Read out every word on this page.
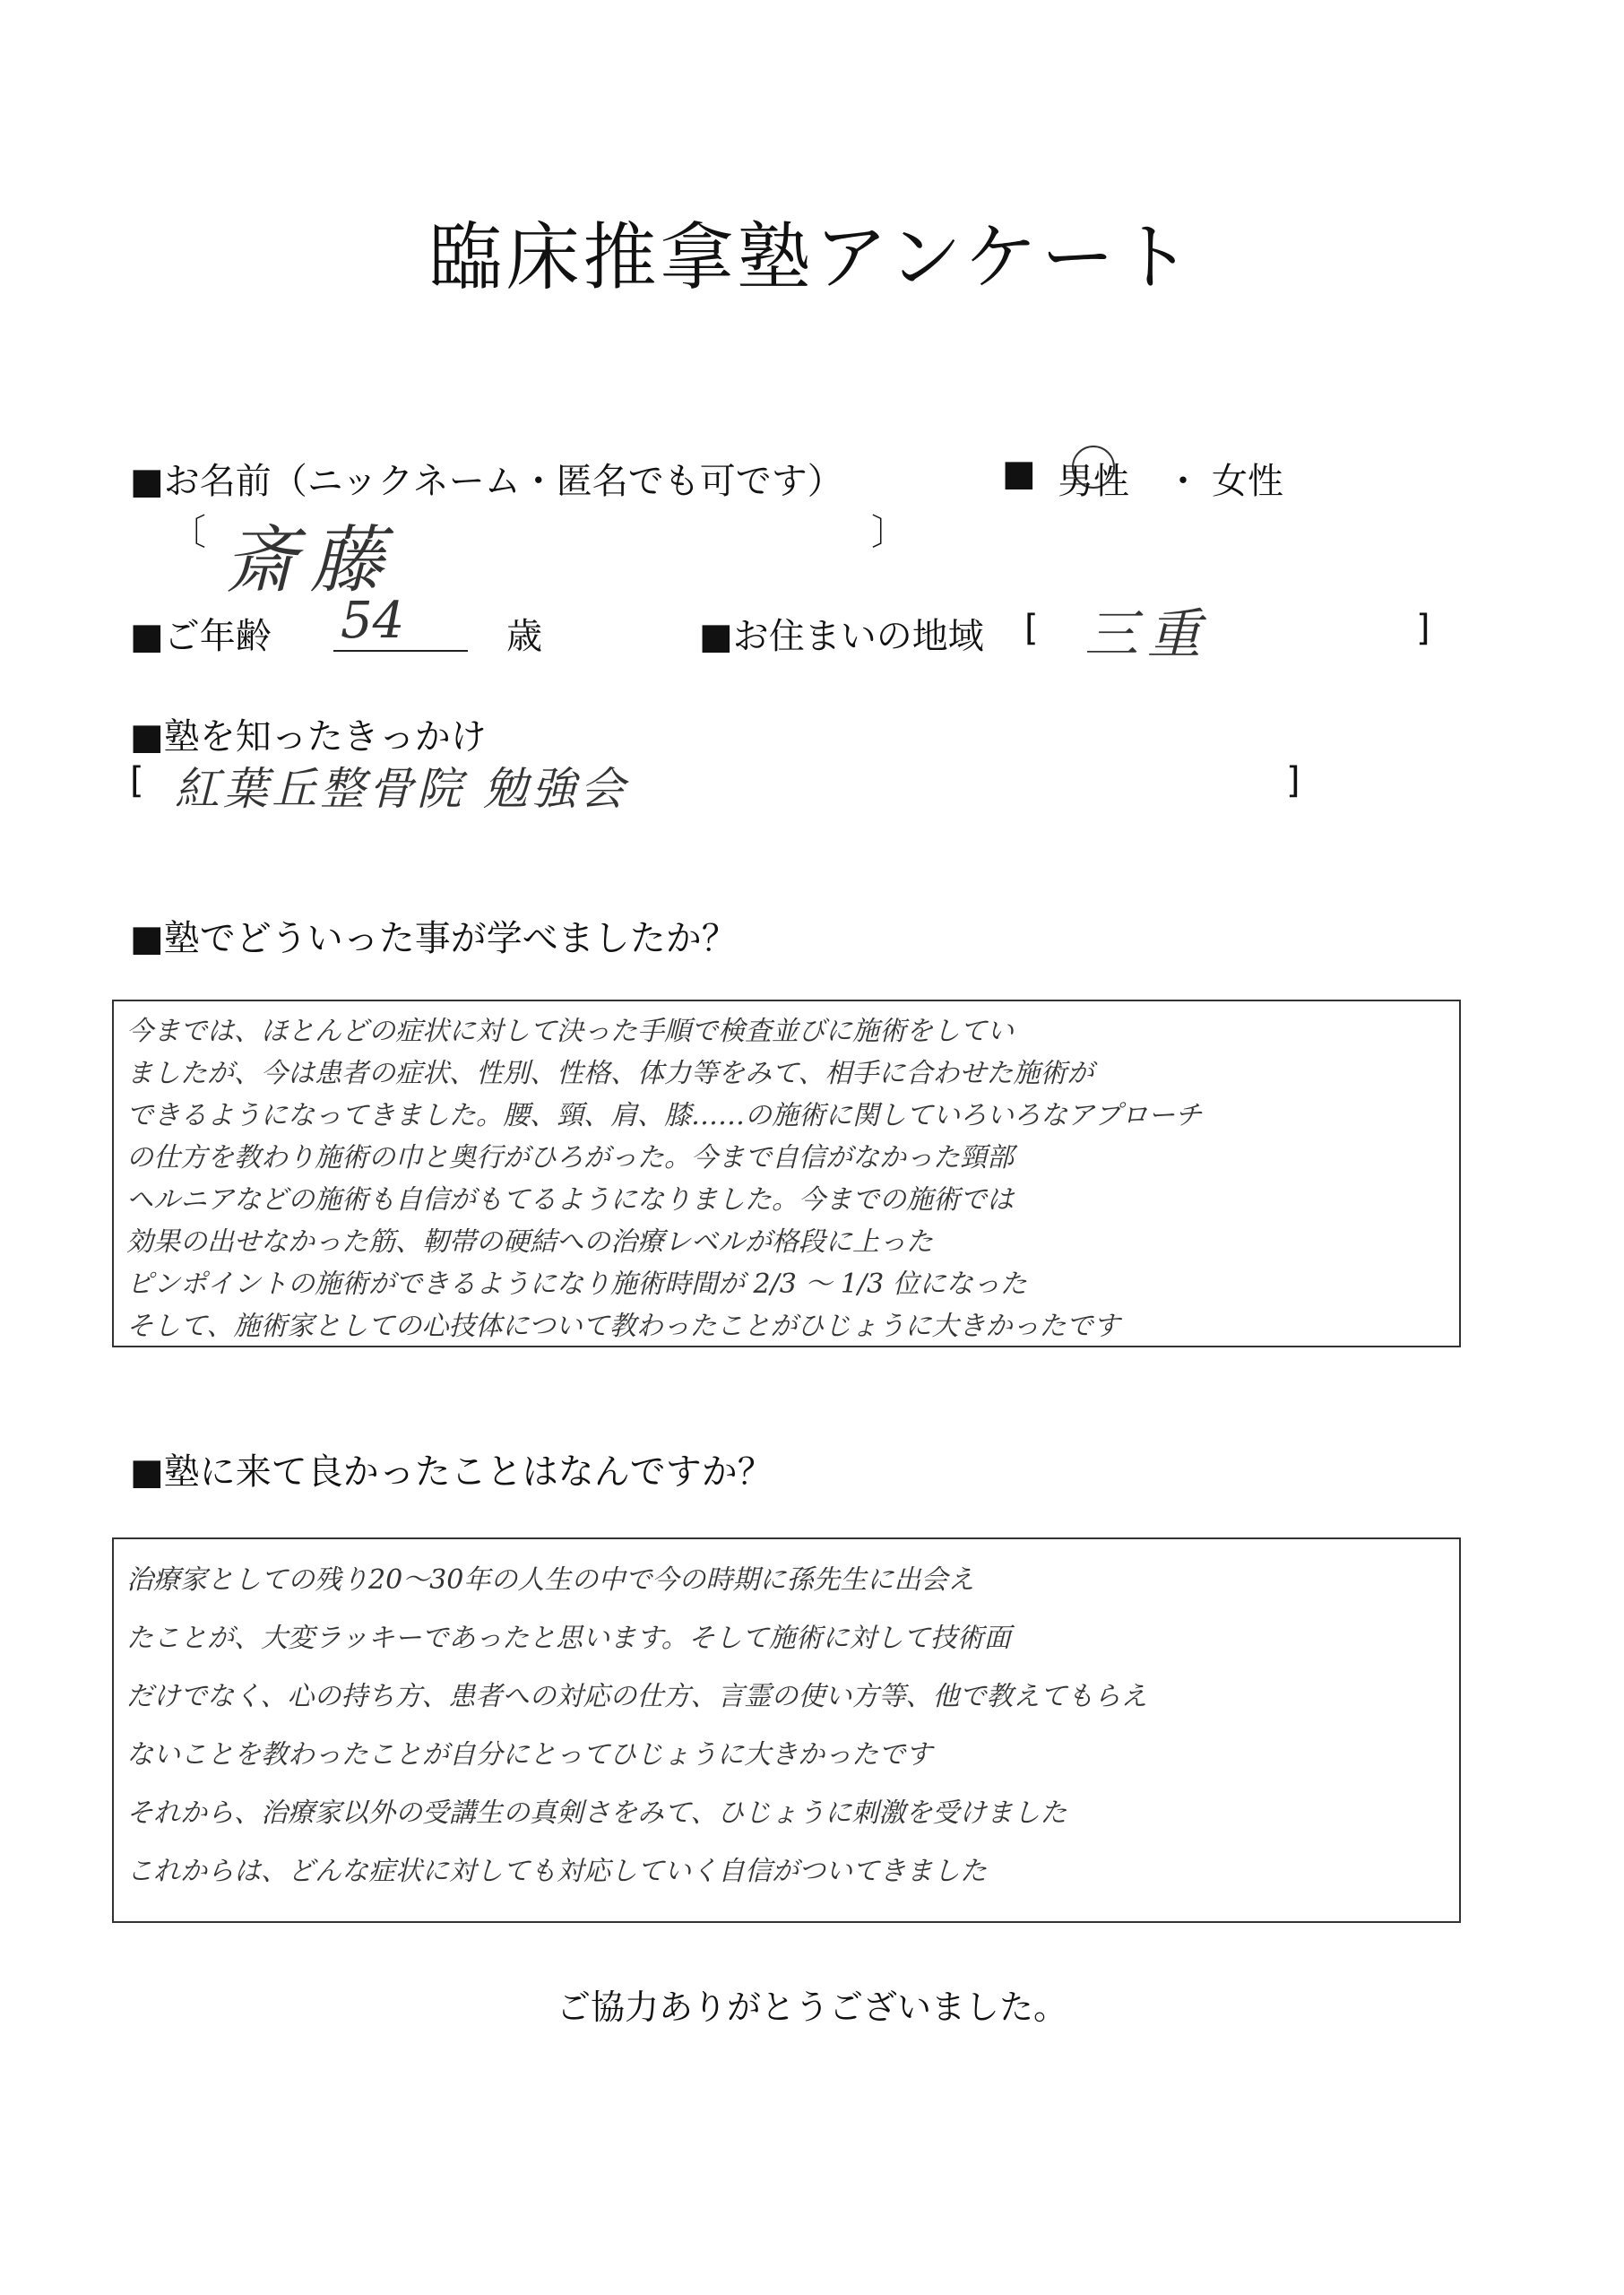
臨床推拿塾アンケート
■お名前（ニックネーム・匿名でも可です）
〔 斎藤	〕
■ 男性 ・ 女性
■ご年齢 54	歳	■お住まいの地域 [ 三重	]
■塾を知ったきっかけ
[ 紅葉丘整骨院 勉強会	]
■塾でどういった事が学べましたか？
今までは、ほとんどの症状に対して決った手順で検査並びに施術をしてい
ましたが、今は患者の症状、性別、性格、体力等をみて、相手に合わせた施術が
できるようになってきました。腰、頸、肩、膝……の施術に関していろいろなアプローチ
の仕方を教わり施術の巾と奥行がひろがった。今まで自信がなかった頸部
ヘルニアなどの施術も自信がもてるようになりました。今までの施術では
効果の出せなかった筋、靭帯の硬結への治療レベルが格段に上った
ピンポイントの施術ができるようになり施術時間が 2/3 〜 1/3 位になった
そして、施術家としての心技体について教わったことがひじょうに大きかったです
■塾に来て良かったことはなんですか？
治療家としての残り20〜30年の人生の中で今の時期に孫先生に出会え
たことが、大変ラッキーであったと思います。そして施術に対して技術面
だけでなく、心の持ち方、患者への対応の仕方、言霊の使い方等、他で教えてもらえ
ないことを教わったことが自分にとってひじょうに大きかったです
それから、治療家以外の受講生の真剣さをみて、ひじょうに刺激を受けました
これからは、どんな症状に対しても対応していく自信がついてきました
ご協力ありがとうございました。
